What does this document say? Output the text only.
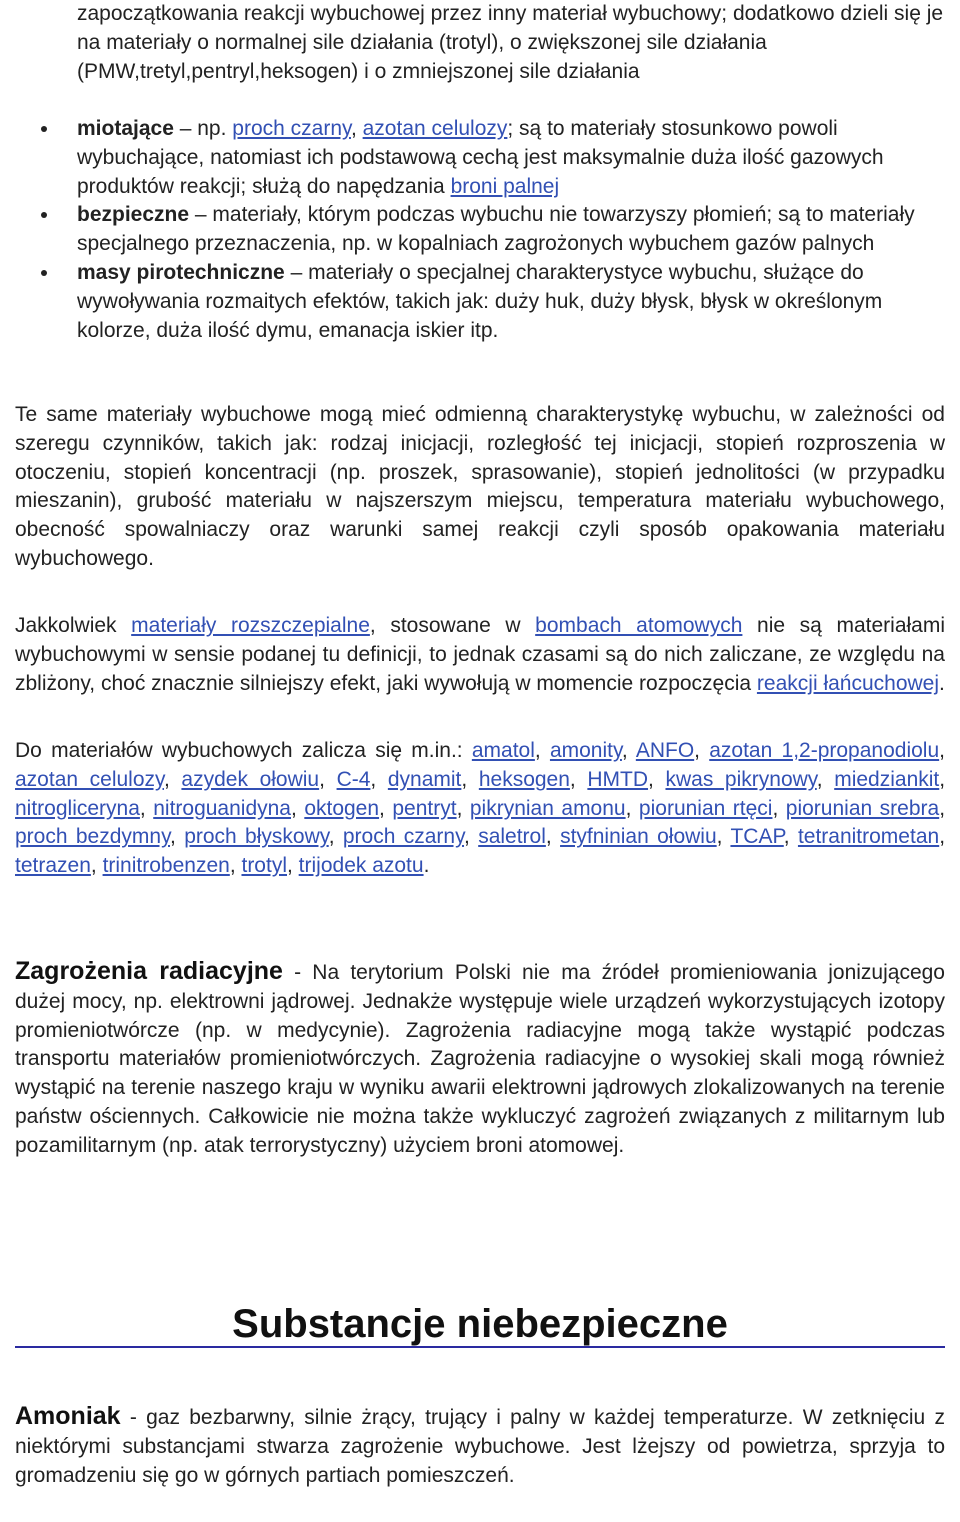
zapoczątkowania reakcji wybuchowej przez inny materiał wybuchowy; dodatkowo dzieli się je na materiały o normalnej sile działania (trotyl), o zwiększonej sile działania (PMW,tretyl,pentryl,heksogen) i o zmniejszonej sile działania

miotające – np. proch czarny, azotan celulozy; są to materiały stosunkowo powoli wybuchające, natomiast ich podstawową cechą jest maksymalnie duża ilość gazowych produktów reakcji; służą do napędzania broni palnej
bezpieczne – materiały, którym podczas wybuchu nie towarzyszy płomień; są to materiały specjalnego przeznaczenia, np. w kopalniach zagrożonych wybuchem gazów palnych
masy pirotechniczne – materiały o specjalnej charakterystyce wybuchu, służące do wywoływania rozmaitych efektów, takich jak: duży huk, duży błysk, błysk w określonym kolorze, duża ilość dymu, emanacja iskier itp.

Te same materiały wybuchowe mogą mieć odmienną charakterystykę wybuchu, w zależności od szeregu czynników, takich jak: rodzaj inicjacji, rozległość tej inicjacji, stopień rozproszenia w otoczeniu, stopień koncentracji (np. proszek, sprasowanie), stopień jednolitości (w przypadku mieszanin), grubość materiału w najszerszym miejscu, temperatura materiału wybuchowego, obecność spowalniaczy oraz warunki samej reakcji czyli sposób opakowania materiału wybuchowego.

Jakkolwiek materiały rozszczepialne, stosowane w bombach atomowych nie są materiałami wybuchowymi w sensie podanej tu definicji, to jednak czasami są do nich zaliczane, ze względu na zbliżony, choć znacznie silniejszy efekt, jaki wywołują w momencie rozpoczęcia reakcji łańcuchowej.

Do materiałów wybuchowych zalicza się m.in.: amatol, amonity, ANFO, azotan 1,2-propanodiolu, azotan celulozy, azydek ołowiu, C-4, dynamit, heksogen, HMTD, kwas pikrynowy, miedziankit, nitrogliceryna, nitroguanidyna, oktogen, pentryt, pikrynian amonu, piorunian rtęci, piorunian srebra, proch bezdymny, proch błyskowy, proch czarny, saletrol, styfninian ołowiu, TCAP, tetranitrometan, tetrazen, trinitrobenzen, trotyl, trijodek azotu.

Zagrożenia radiacyjne - Na terytorium Polski nie ma źródeł promieniowania jonizującego dużej mocy, np. elektrowni jądrowej. Jednakże występuje wiele urządzeń wykorzystujących izotopy promieniotwórcze (np. w medycynie). Zagrożenia radiacyjne mogą także wystąpić podczas transportu materiałów promieniotwórczych. Zagrożenia radiacyjne o wysokiej skali mogą również wystąpić na terenie naszego kraju w wyniku awarii elektrowni jądrowych zlokalizowanych na terenie państw ościennych. Całkowicie nie można także wykluczyć zagrożeń związanych z militarnym lub pozamilitarnym (np. atak terrorystyczny) użyciem broni atomowej.

Substancje niebezpieczne

Amoniak - gaz bezbarwny, silnie żrący, trujący i palny w każdej temperaturze. W zetknięciu z niektórymi substancjami stwarza zagrożenie wybuchowe. Jest lżejszy od powietrza, sprzyja to gromadzeniu się go w górnych partiach pomieszczeń.
